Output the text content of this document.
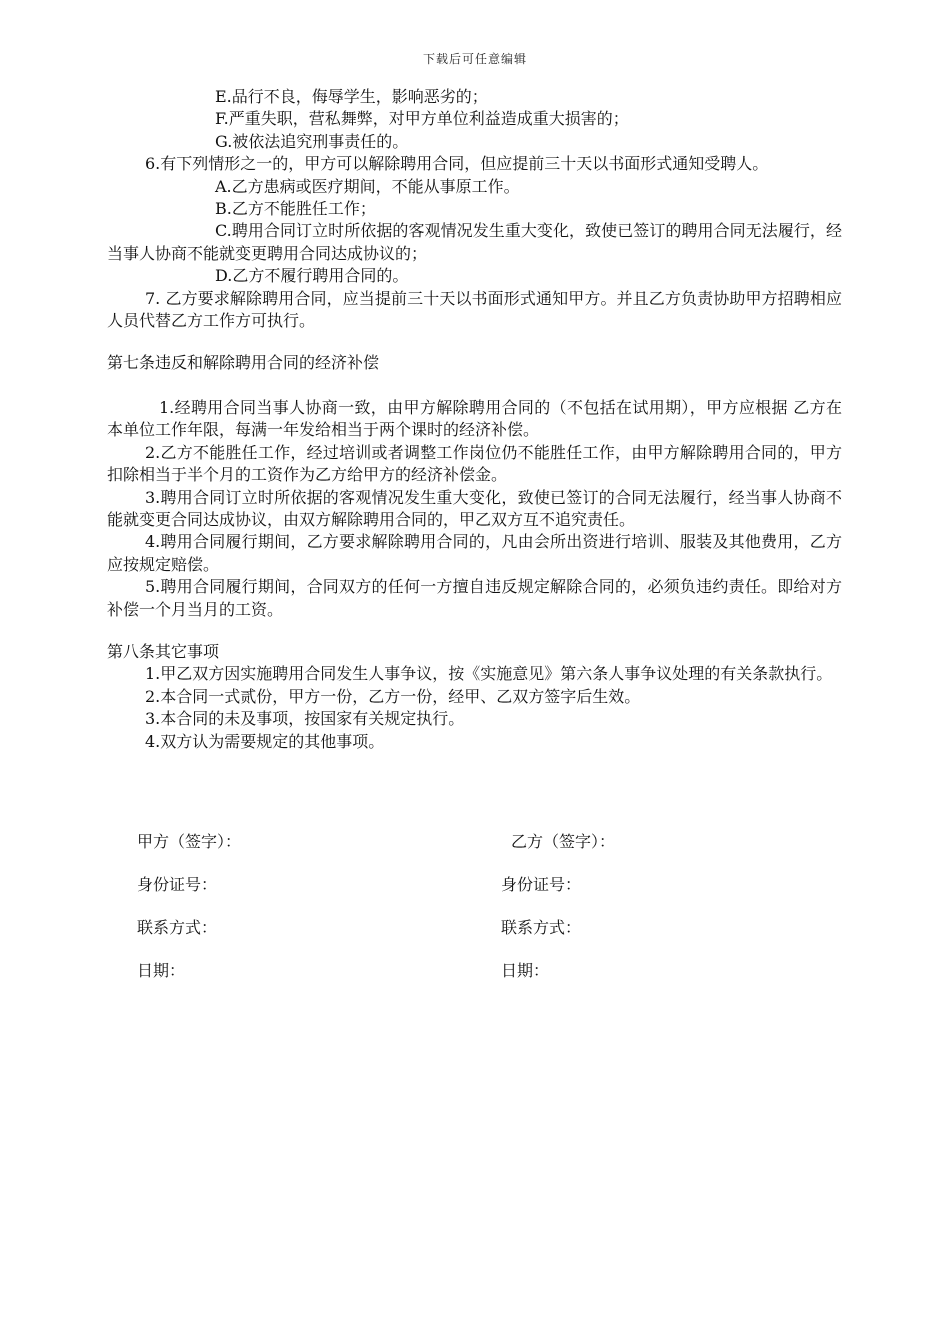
下载后可任意编辑

E.品行不良，侮辱学生，影响恶劣的；

F.严重失职，营私舞弊，对甲方单位利益造成重大损害的；

G.被依法追究刑事责任的。

6.有下列情形之一的，甲方可以解除聘用合同，但应提前三十天以书面形式通知受聘人。

A.乙方患病或医疗期间，不能从事原工作。

B.乙方不能胜任工作；

C.聘用合同订立时所依据的客观情况发生重大变化，致使已签订的聘用合同无法履行，经当事人协商不能就变更聘用合同达成协议的；

D.乙方不履行聘用合同的。

7. 乙方要求解除聘用合同，应当提前三十天以书面形式通知甲方。并且乙方负责协助甲方招聘相应人员代替乙方工作方可执行。

第七条违反和解除聘用合同的经济补偿

1.经聘用合同当事人协商一致，由甲方解除聘用合同的（不包括在试用期），甲方应根据 乙方在本单位工作年限，每满一年发给相当于两个课时的经济补偿。

2.乙方不能胜任工作，经过培训或者调整工作岗位仍不能胜任工作，由甲方解除聘用合同的，甲方扣除相当于半个月的工资作为乙方给甲方的经济补偿金。

3.聘用合同订立时所依据的客观情况发生重大变化，致使已签订的合同无法履行，经当事人协商不能就变更合同达成协议，由双方解除聘用合同的，甲乙双方互不追究责任。

4.聘用合同履行期间，乙方要求解除聘用合同的，凡由会所出资进行培训、服装及其他费用，乙方应按规定赔偿。

5.聘用合同履行期间，合同双方的任何一方擅自违反规定解除合同的，必须负违约责任。即给对方补偿一个月当月的工资。

第八条其它事项

1.甲乙双方因实施聘用合同发生人事争议，按《实施意见》第六条人事争议处理的有关条款执行。

2.本合同一式贰份，甲方一份，乙方一份，经甲、乙双方签字后生效。

3.本合同的未及事项，按国家有关规定执行。

4.双方认为需要规定的其他事项。

甲方（签字）：	乙方（签字）：
身份证号：	身份证号：
联系方式：	联系方式：
日期：	日期：
